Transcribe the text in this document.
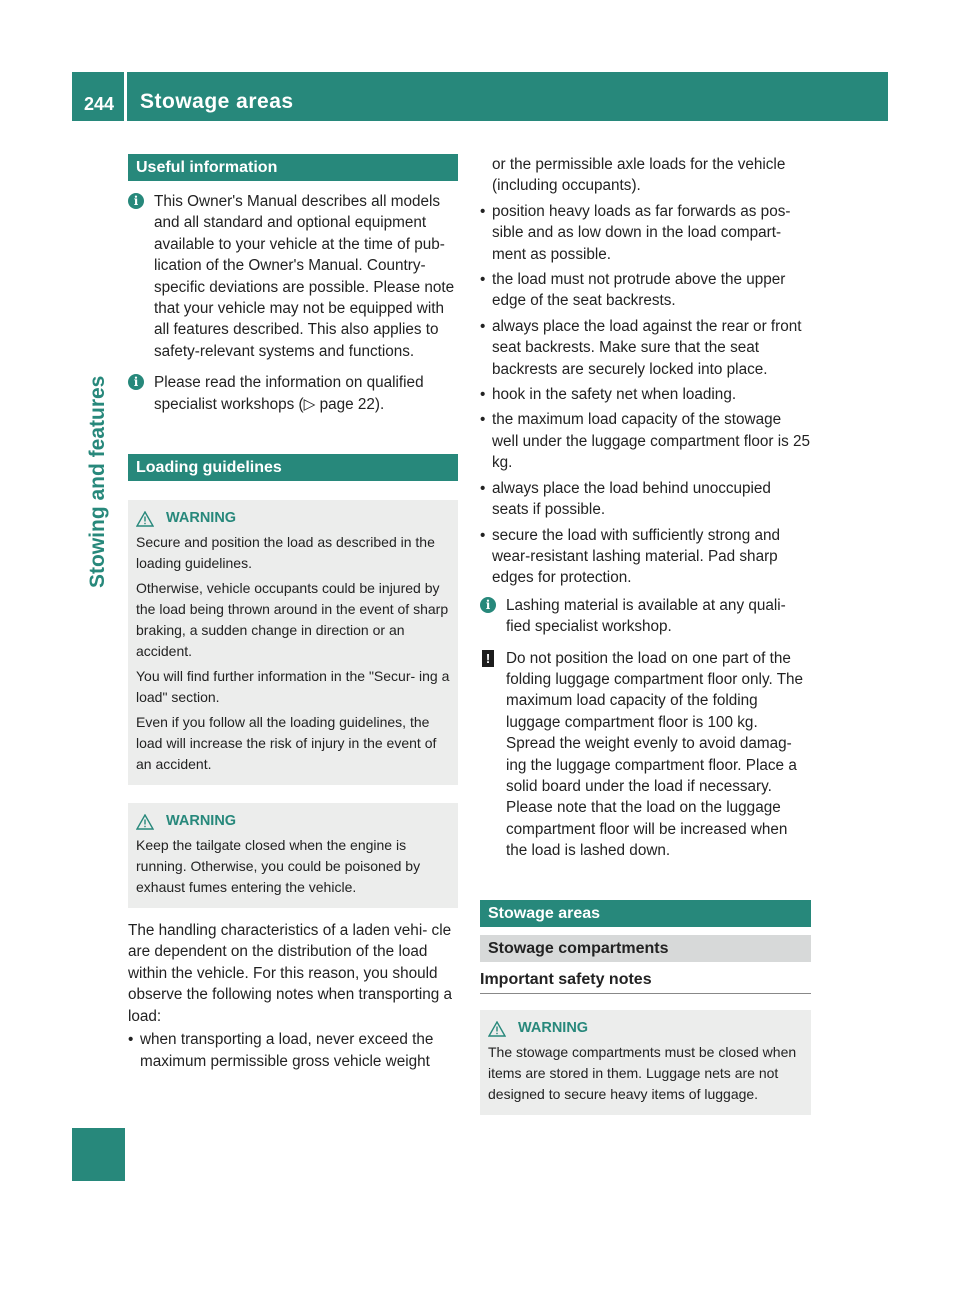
244 Stowage areas
Stowing and features
Useful information
i	This Owner's Manual describes all models and all standard and optional equipment available to your vehicle at the time of pub- lication of the Owner's Manual. Country- specific deviations are possible. Please note that your vehicle may not be equipped with all features described. This also applies to safety-relevant systems and functions.
i	Please read the information on qualified specialist workshops (▷ page 22).
Loading guidelines
WARNING

Secure and position the load as described in the loading guidelines.

Otherwise, vehicle occupants could be injured by the load being thrown around in the event of sharp braking, a sudden change in direction or an accident.

You will find further information in the "Secur- ing a load" section.

Even if you follow all the loading guidelines, the load will increase the risk of injury in the event of an accident.

WARNING

Keep the tailgate closed when the engine is running. Otherwise, you could be poisoned by exhaust fumes entering the vehicle.

The handling characteristics of a laden vehi- cle are dependent on the distribution of the load within the vehicle. For this reason, you should observe the following notes when transporting a load:

• when transporting a load, never exceed the maximum permissible gross vehicle weight
or the permissible axle loads for the vehicle (including occupants).
• position heavy loads as far forwards as pos- sible and as low down in the load compart- ment as possible.
• the load must not protrude above the upper edge of the seat backrests.
• always place the load against the rear or front seat backrests. Make sure that the seat backrests are securely locked into place.
• hook in the safety net when loading.
• the maximum load capacity of the stowage well under the luggage compartment floor is 25 kg.
• always place the load behind unoccupied seats if possible.
• secure the load with sufficiently strong and wear-resistant lashing material. Pad sharp edges for protection.
i	Lashing material is available at any quali- fied specialist workshop.
! Do not position the load on one part of the folding luggage compartment floor only. The maximum load capacity of the folding luggage compartment floor is 100 kg. Spread the weight evenly to avoid damag- ing the luggage compartment floor. Place a solid board under the load if necessary. Please note that the load on the luggage compartment floor will be increased when the load is lashed down.
Stowage areas
Stowage compartments
Important safety notes
WARNING

The stowage compartments must be closed when items are stored in them. Luggage nets are not designed to secure heavy items of luggage.
